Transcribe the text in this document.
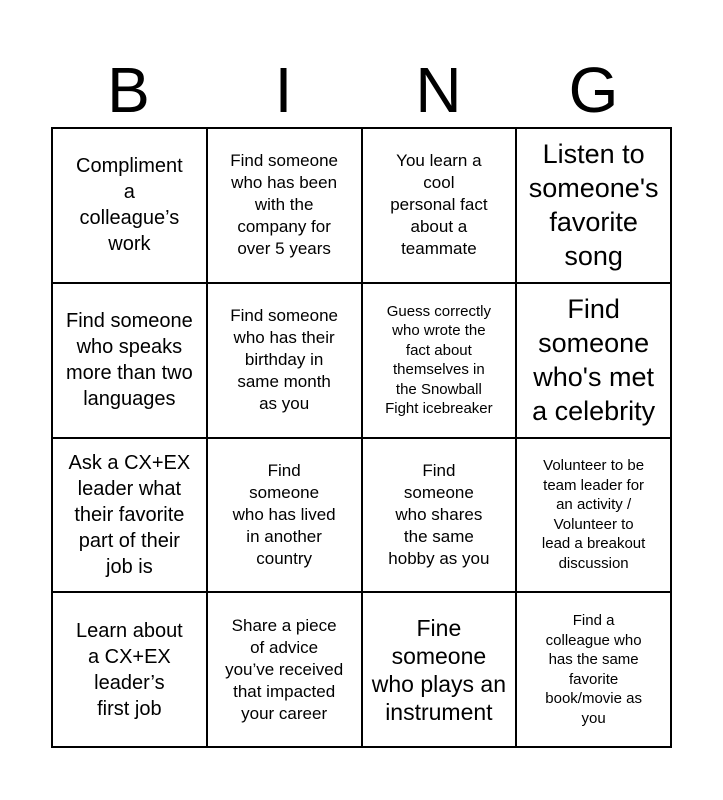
B	I	N	G
Compliment
a
colleague’s
work
Find someone
who has been
with the
company for
over 5 years
You learn a
cool
personal fact
about a
teammate
Listen to
someone's
favorite
song
Find someone
who speaks
more than two
languages
Find someone
who has their
birthday in
same month
as you
Guess correctly
who wrote the
fact about
themselves in
the Snowball
Fight icebreaker
Find
someone
who's met
a celebrity
Ask a CX+EX
leader what
their favorite
part of their
job is
Find
someone
who has lived
in another
country
Find
someone
who shares
the same
hobby as you
Volunteer to be
team leader for
an activity /
Volunteer to
lead a breakout
discussion
Learn about
a CX+EX
leader’s
first job
Share a piece
of advice
you’ve received
that impacted
your career
Fine
someone
who plays an
instrument
Find a
colleague who
has the same
favorite
book/movie as
you
